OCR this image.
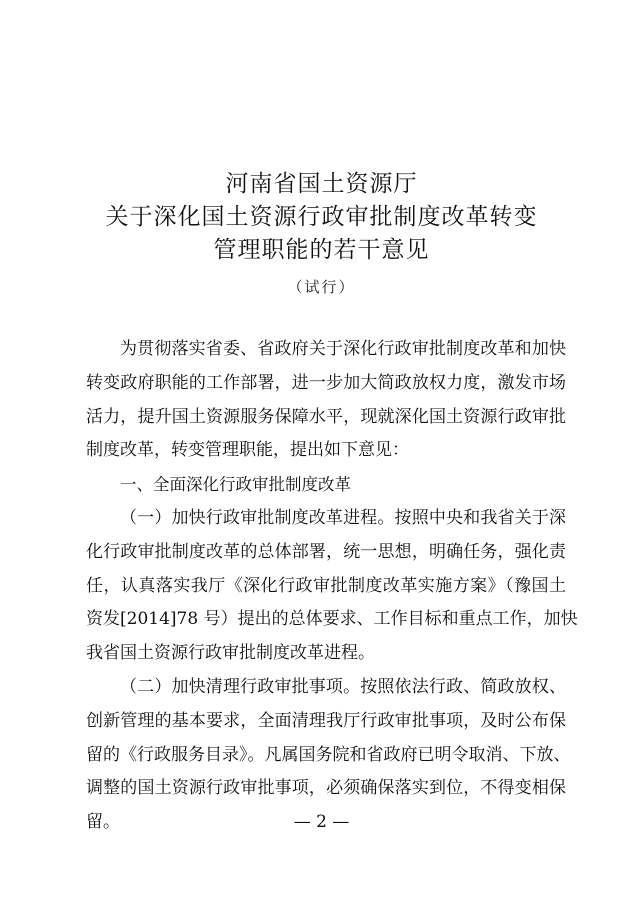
河南省国土资源厅
关于深化国土资源行政审批制度改革转变
管理职能的若干意见
（试行）
为贯彻落实省委、省政府关于深化行政审批制度改革和加快
转变政府职能的工作部署，进一步加大简政放权力度，激发市场
活力，提升国土资源服务保障水平，现就深化国土资源行政审批
制度改革，转变管理职能，提出如下意见：
一、全面深化行政审批制度改革
（一）加快行政审批制度改革进程。按照中央和我省关于深
化行政审批制度改革的总体部署，统一思想，明确任务，强化责
任，认真落实我厅《深化行政审批制度改革实施方案》（豫国土
资发[2014]78 号）提出的总体要求、工作目标和重点工作，加快
我省国土资源行政审批制度改革进程。
（二）加快清理行政审批事项。按照依法行政、简政放权、
创新管理的基本要求，全面清理我厅行政审批事项，及时公布保
留的《行政服务目录》。凡属国务院和省政府已明令取消、下放、
调整的国土资源行政审批事项，必须确保落实到位，不得变相保
留。	— 2 —
